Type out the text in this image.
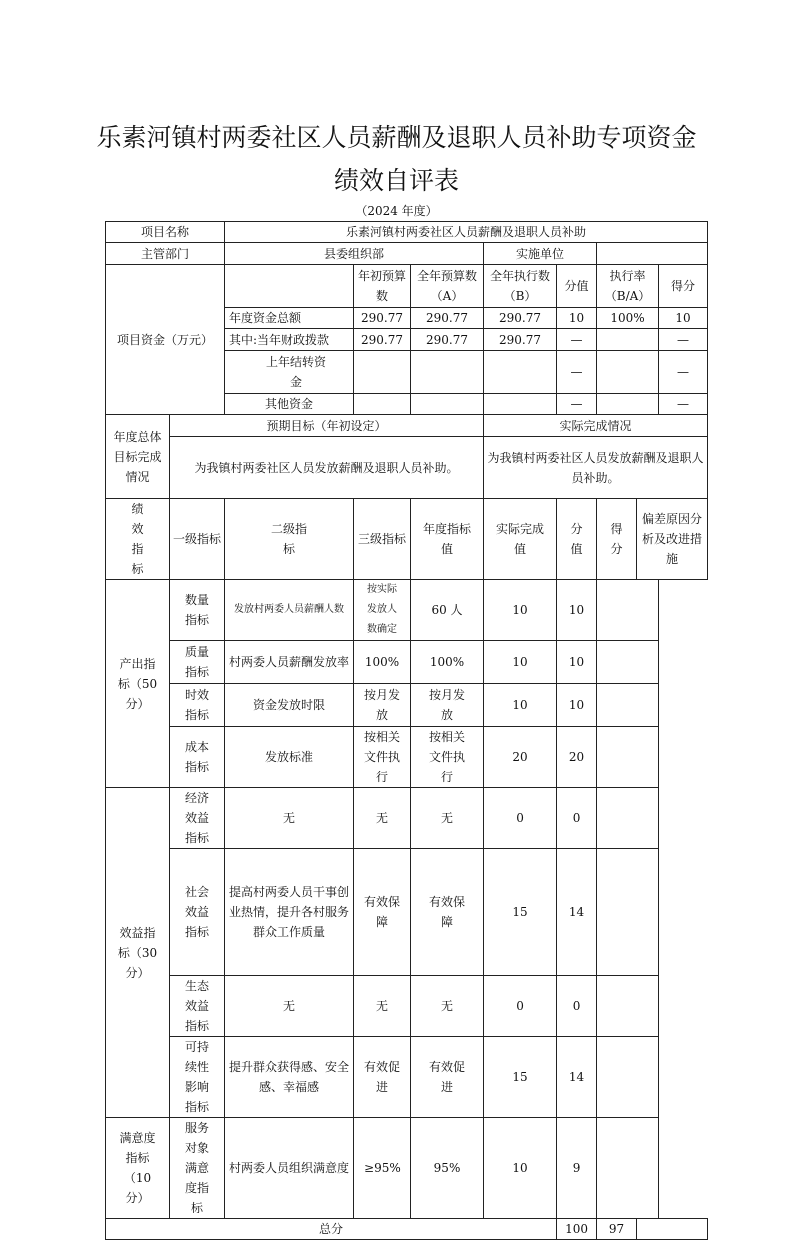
乐素河镇村两委社区人员薪酬及退职人员补助专项资金
绩效自评表
（2024 年度）
项目名称		乐素河镇村两委社区人员薪酬及退职人员补助							
主管部门		县委组织部			实施单位				
项目资金（万元）			年初预算数	全年预算数（A）	全年执行数（B）	分值	执行率（B/A）		得分
		年度资金总额	290.77	290.77	290.77	10	100%		10
		其中:当年财政拨款	290.77	290.77	290.77	—			—
		上年结转资金				—			—
		其他资金				—			—
年度总体目标完成情况	预期目标（年初设定）				实际完成情况				
	为我镇村两委社区人员发放薪酬及退职人员补助。				为我镇村两委社区人员发放薪酬及退职人员补助。				
绩效指标	一级指标	二级指标	三级指标	年度指标值	实际完成值	分值	得分	偏差原因分析及改进措施	
产出指标（50分）	数量指标	发放村两委人员薪酬人数	按实际发放人数确定	60 人	10	10			
	质量指标	村两委人员薪酬发放率	100%	100%	10	10			
	时效指标	资金发放时限	按月发放	按月发放	10	10			
	成本指标	发放标准	按相关文件执行	按相关文件执行	20	20			
效益指标（30分）	经济效益指标	无	无	无	0	0			
	社会效益指标	提高村两委人员干事创业热情，提升各村服务群众工作质量	有效保障	有效保障	15	14			
	生态效益指标	无	无	无	0	0			
	可持续性影响指标	提升群众获得感、安全感、幸福感	有效促进	有效促进	15	14			
满意度指标（10分）	服务对象满意度指标	村两委人员组织满意度	≥95%	95%	10	9			
总分						100	97		
